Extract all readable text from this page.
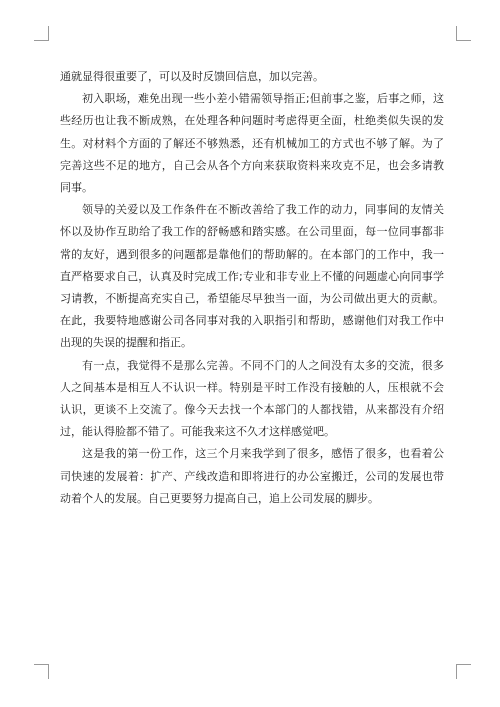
通就显得很重要了，可以及时反馈回信息，加以完善。

初入职场，难免出现一些小差小错需领导指正;但前事之鉴，后事之师，这些经历也让我不断成熟，在处理各种问题时考虑得更全面，杜绝类似失误的发生。对材料个方面的了解还不够熟悉，还有机械加工的方式也不够了解。为了完善这些不足的地方，自己会从各个方向来获取资料来攻克不足，也会多请教同事。

领导的关爱以及工作条件在不断改善给了我工作的动力，同事间的友情关怀以及协作互助给了我工作的舒畅感和踏实感。在公司里面，每一位同事都非常的友好，遇到很多的问题都是靠他们的帮助解的。在本部门的工作中，我一直严格要求自己，认真及时完成工作;专业和非专业上不懂的问题虚心向同事学习请教，不断提高充实自己，希望能尽早独当一面，为公司做出更大的贡献。在此，我要特地感谢公司各同事对我的入职指引和帮助，感谢他们对我工作中出现的失误的提醒和指正。

有一点，我觉得不是那么完善。不同不门的人之间没有太多的交流，很多人之间基本是相互人不认识一样。特别是平时工作没有接触的人，压根就不会认识，更谈不上交流了。像今天去找一个本部门的人都找错，从来都没有介绍过，能认得脸都不错了。可能我来这不久才这样感觉吧。

这是我的第一份工作，这三个月来我学到了很多，感悟了很多，也看着公司快速的发展着：扩产、产线改造和即将进行的办公室搬迁，公司的发展也带动着个人的发展。自己更要努力提高自己，追上公司发展的脚步。
